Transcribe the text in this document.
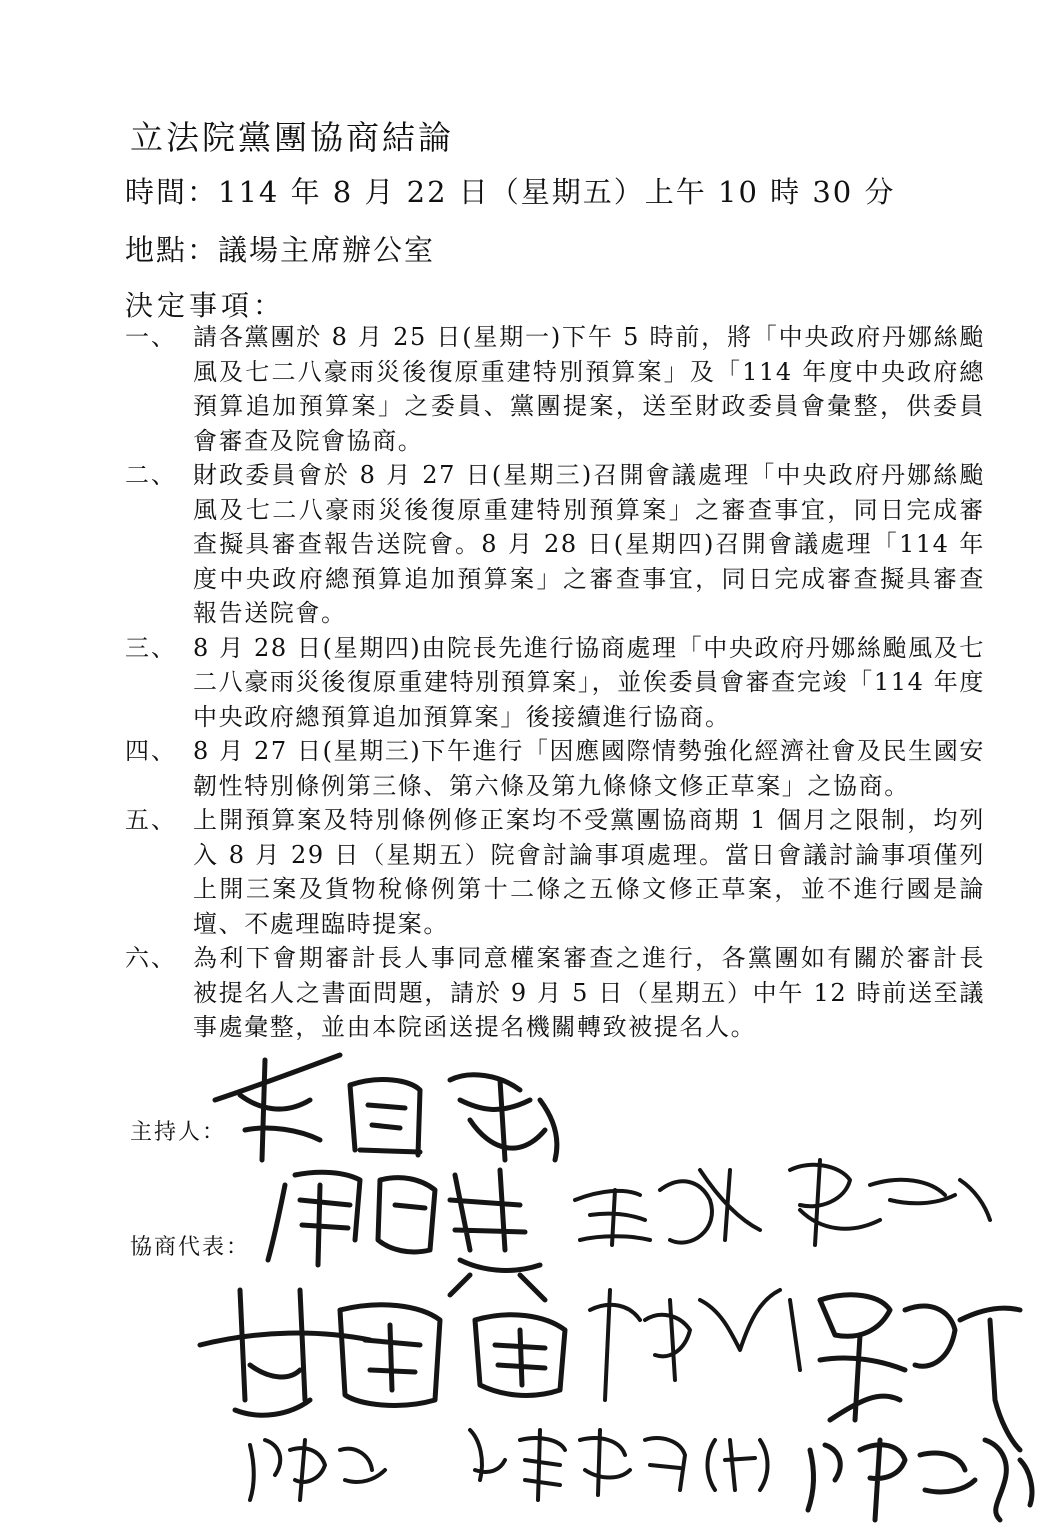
立法院黨團協商結論
時間：114 年 8 月 22 日（星期五）上午 10 時 30 分
地點：議場主席辦公室
決定事項：
一、 請各黨團於 8 月 25 日(星期一)下午 5 時前，將「中央政府丹娜絲颱風及七二八豪雨災後復原重建特別預算案」及「114 年度中央政府總預算追加預算案」之委員、黨團提案，送至財政委員會彙整，供委員會審查及院會協商。
二、 財政委員會於 8 月 27 日(星期三)召開會議處理「中央政府丹娜絲颱風及七二八豪雨災後復原重建特別預算案」之審查事宜，同日完成審查擬具審查報告送院會。8 月 28 日(星期四)召開會議處理「114 年度中央政府總預算追加預算案」之審查事宜，同日完成審查擬具審查報告送院會。
三、 8 月 28 日(星期四)由院長先進行協商處理「中央政府丹娜絲颱風及七二八豪雨災後復原重建特別預算案」，並俟委員會審查完竣「114 年度中央政府總預算追加預算案」後接續進行協商。
四、 8 月 27 日(星期三)下午進行「因應國際情勢強化經濟社會及民生國安韌性特別條例第三條、第六條及第九條條文修正草案」之協商。
五、 上開預算案及特別條例修正案均不受黨團協商期 1 個月之限制，均列入 8 月 29 日（星期五）院會討論事項處理。當日會議討論事項僅列上開三案及貨物稅條例第十二條之五條文修正草案，並不進行國是論壇、不處理臨時提案。
六、 為利下會期審計長人事同意權案審查之進行，各黨團如有關於審計長被提名人之書面問題，請於 9 月 5 日（星期五）中午 12 時前送至議事處彙整，並由本院函送提名機關轉致被提名人。
主持人：
協商代表：
